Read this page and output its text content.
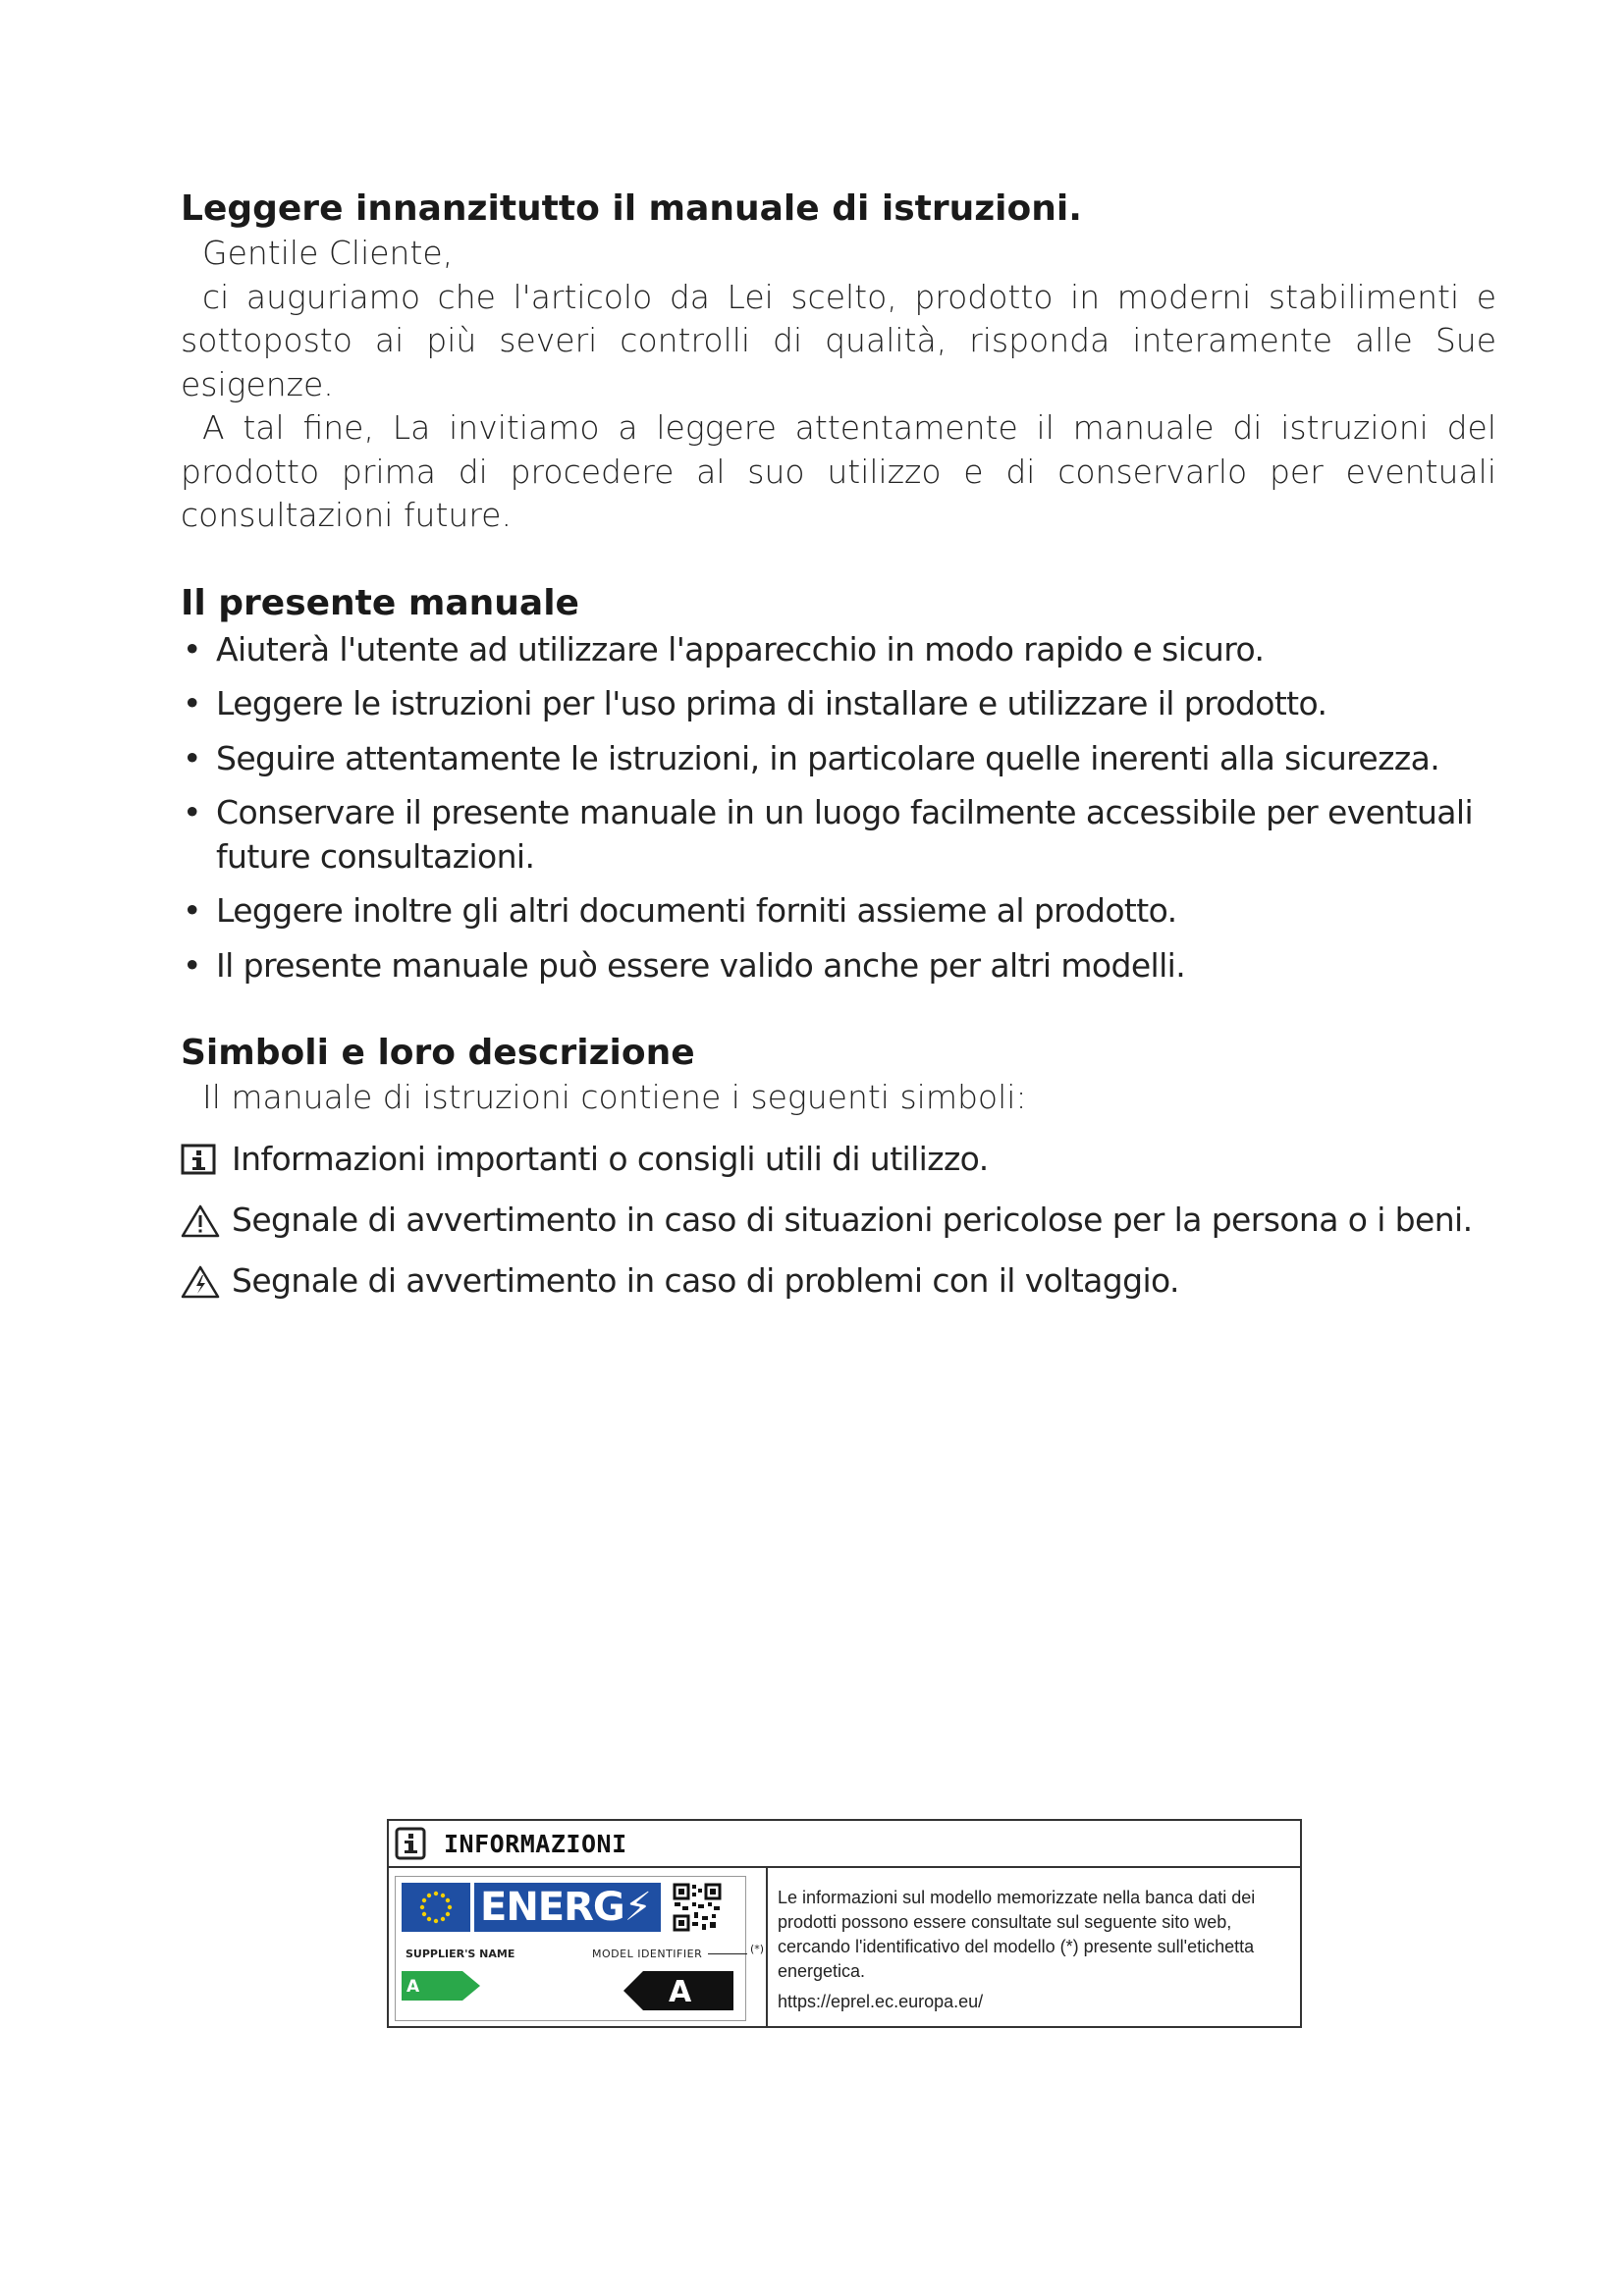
Leggere innanzitutto il manuale di istruzioni.

Gentile Cliente,

ci auguriamo che l'articolo da Lei scelto, prodotto in moderni stabilimenti e sottoposto ai più severi controlli di qualità, risponda interamente alle Sue esigenze.

A tal fine, La invitiamo a leggere attentamente il manuale di istruzioni del prodotto prima di procedere al suo utilizzo e di conservarlo per eventuali consultazioni future.

Il presente manuale
• Aiuterà l'utente ad utilizzare l'apparecchio in modo rapido e sicuro.
• Leggere le istruzioni per l'uso prima di installare e utilizzare il prodotto.
• Seguire attentamente le istruzioni, in particolare quelle inerenti alla sicurezza.
• Conservare il presente manuale in un luogo facilmente accessibile per eventuali future consultazioni.
• Leggere inoltre gli altri documenti forniti assieme al prodotto.
• Il presente manuale può essere valido anche per altri modelli.
Simboli e loro descrizione

Il manuale di istruzioni contiene i seguenti simboli:

Informazioni importanti o consigli utili di utilizzo.
Segnale di avvertimento in caso di situazioni pericolose per la persona o i beni.
Segnale di avvertimento in caso di problemi con il voltaggio.
INFORMAZIONI
ENERG⚡
SUPPLIER'S NAME	MODEL IDENTIFIER
A	A
(*)
Le informazioni sul modello memorizzate nella banca dati dei prodotti possono essere consultate sul seguente sito web, cercando l'identificativo del modello (*) presente sull'etichetta energetica.
https://eprel.ec.europa.eu/
